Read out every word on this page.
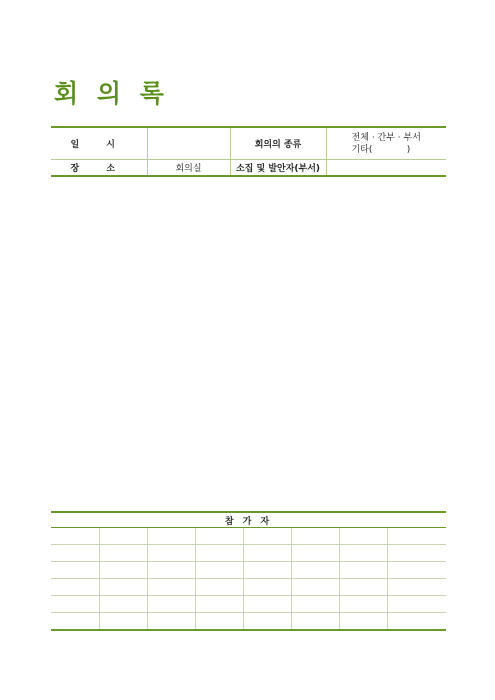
회 의 록
일 시		회의의 종류	전체 · 간부 · 부서
기타(            )

장 소	회의실	소집 및 발안자(부서)	
참 가 자							
